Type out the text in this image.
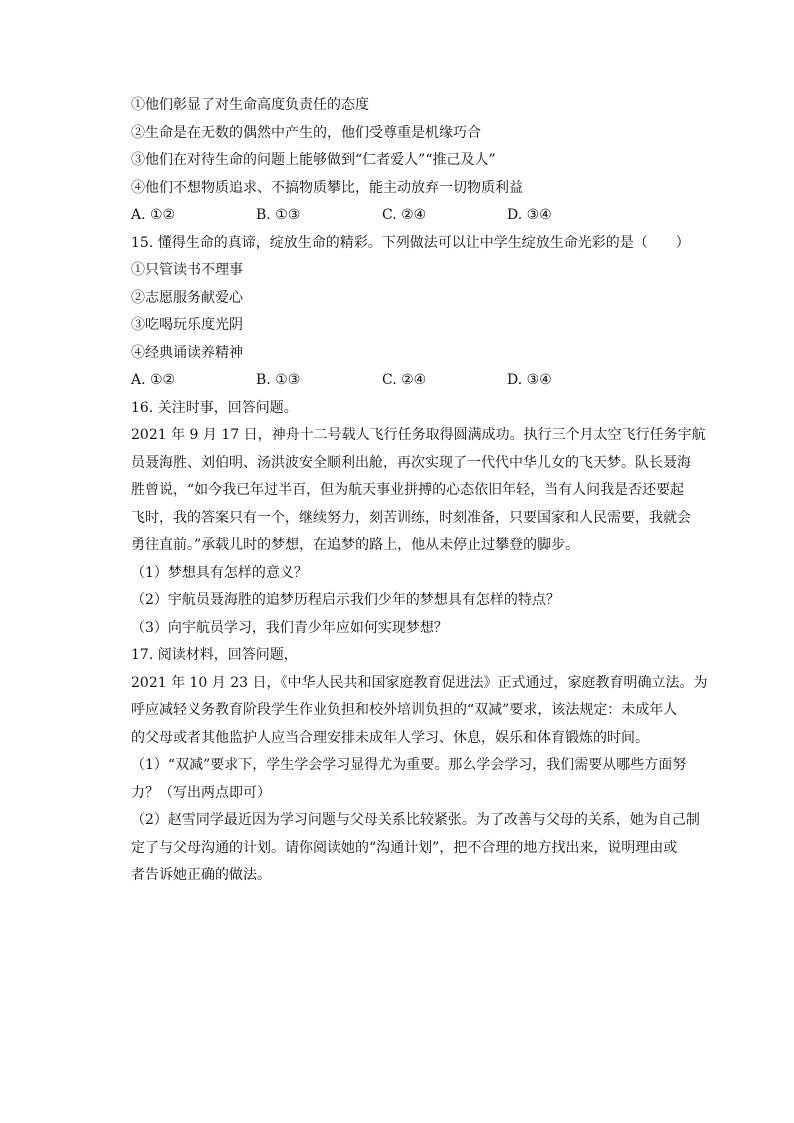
①他们彰显了对生命高度负责任的态度
②生命是在无数的偶然中产生的，他们受尊重是机缘巧合
③他们在对待生命的问题上能够做到“仁者爱人”“推己及人”
④他们不想物质追求、不搞物质攀比，能主动放弃一切物质利益
A. ①②	B. ①③	C. ②④	D. ③④
15. 懂得生命的真谛，绽放生命的精彩。下列做法可以让中学生绽放生命光彩的是（　　）
①只管读书不理事
②志愿服务献爱心
③吃喝玩乐度光阴
④经典诵读养精神
A. ①②	B. ①③	C. ②④	D. ③④
16. 关注时事，回答问题。
2021 年 9 月 17 日，神舟十二号载人飞行任务取得圆满成功。执行三个月太空飞行任务宇航
员聂海胜、刘伯明、汤洪波安全顺利出舱，再次实现了一代代中华儿女的飞天梦。队长聂海
胜曾说，“如今我已年过半百，但为航天事业拼搏的心态依旧年轻，当有人问我是否还要起
飞时，我的答案只有一个，继续努力，刻苦训练，时刻准备，只要国家和人民需要，我就会
勇往直前。”承载儿时的梦想，在追梦的路上，他从未停止过攀登的脚步。
（1）梦想具有怎样的意义？
（2）宇航员聂海胜的追梦历程启示我们少年的梦想具有怎样的特点？
（3）向宇航员学习，我们青少年应如何实现梦想？
17. 阅读材料，回答问题，
2021 年 10 月 23 日，《中华人民共和国家庭教育促进法》正式通过，家庭教育明确立法。为
呼应减轻义务教育阶段学生作业负担和校外培训负担的“双减”要求，该法规定：未成年人
的父母或者其他监护人应当合理安排未成年人学习、休息，娱乐和体育锻炼的时间。
（1）“双减”要求下，学生学会学习显得尤为重要。那么学会学习，我们需要从哪些方面努
力？（写出两点即可）
（2）赵雪同学最近因为学习问题与父母关系比较紧张。为了改善与父母的关系，她为自己制
定了与父母沟通的计划。请你阅读她的“沟通计划”，把不合理的地方找出来，说明理由或
者告诉她正确的做法。
